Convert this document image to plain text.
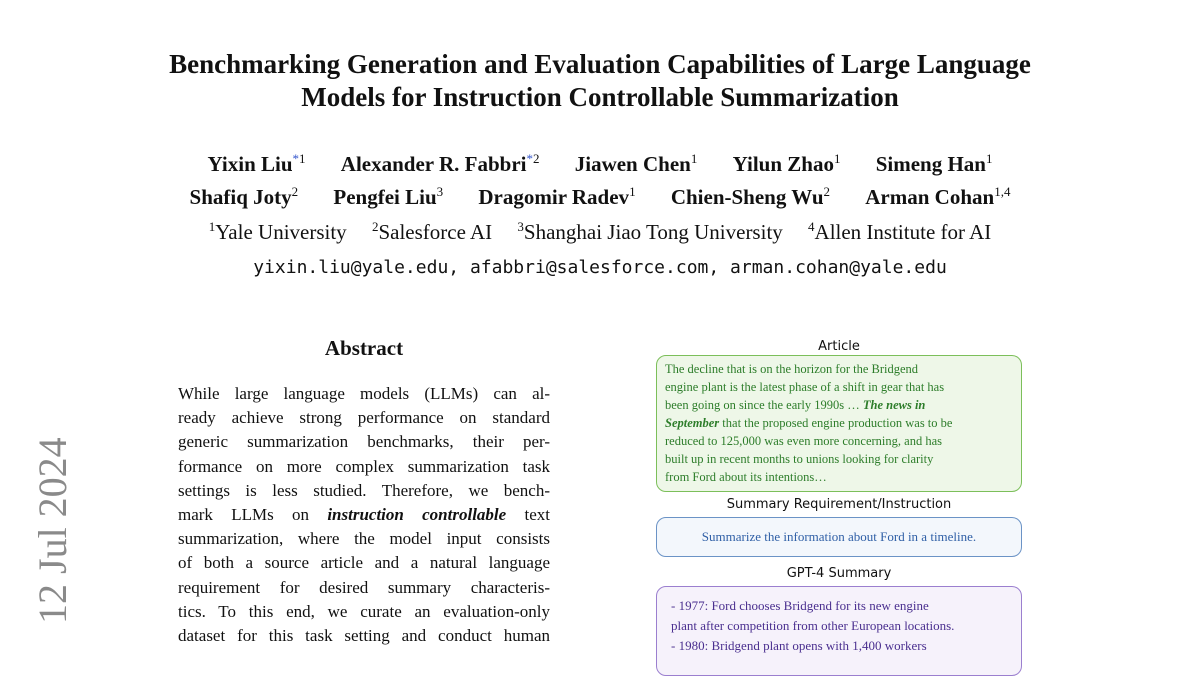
12 Jul 2024
Benchmarking Generation and Evaluation Capabilities of Large Language
Models for Instruction Controllable Summarization
Yixin Liu$^{*1}$ Alexander R. Fabbri$^{*2}$ Jiawen Chen$^1$ Yilun Zhao$^1$ Simeng Han$^1$
Shafiq Joty$^2$ Pengfei Liu$^3$ Dragomir Radev$^1$ Chien-Sheng Wu$^2$ Arman Cohan$^{1,4}$
$^1$Yale University $^2$Salesforce AI $^3$Shanghai Jiao Tong University $^4$Allen Institute for AI
yixin.liu@yale.edu, afabbri@salesforce.com, arman.cohan@yale.edu
Abstract
While large language models (LLMs) can al-
ready achieve strong performance on standard
generic summarization benchmarks, their per-
formance on more complex summarization task
settings is less studied. Therefore, we bench-
mark LLMs on instruction controllable text
summarization, where the model input consists
of both a source article and a natural language
requirement for desired summary characteris-
tics. To this end, we curate an evaluation-only
dataset for this task setting and conduct human
Article
The decline that is on the horizon for the Bridgend
engine plant is the latest phase of a shift in gear that has
been going on since the early 1990s … The news in
September that the proposed engine production was to be
reduced to 125,000 was even more concerning, and has
built up in recent months to unions looking for clarity
from Ford about its intentions…
Summary Requirement/Instruction
Summarize the information about Ford in a timeline.
GPT-4 Summary
- 1977: Ford chooses Bridgend for its new engine
plant after competition from other European locations.
- 1980: Bridgend plant opens with 1,400 workers
